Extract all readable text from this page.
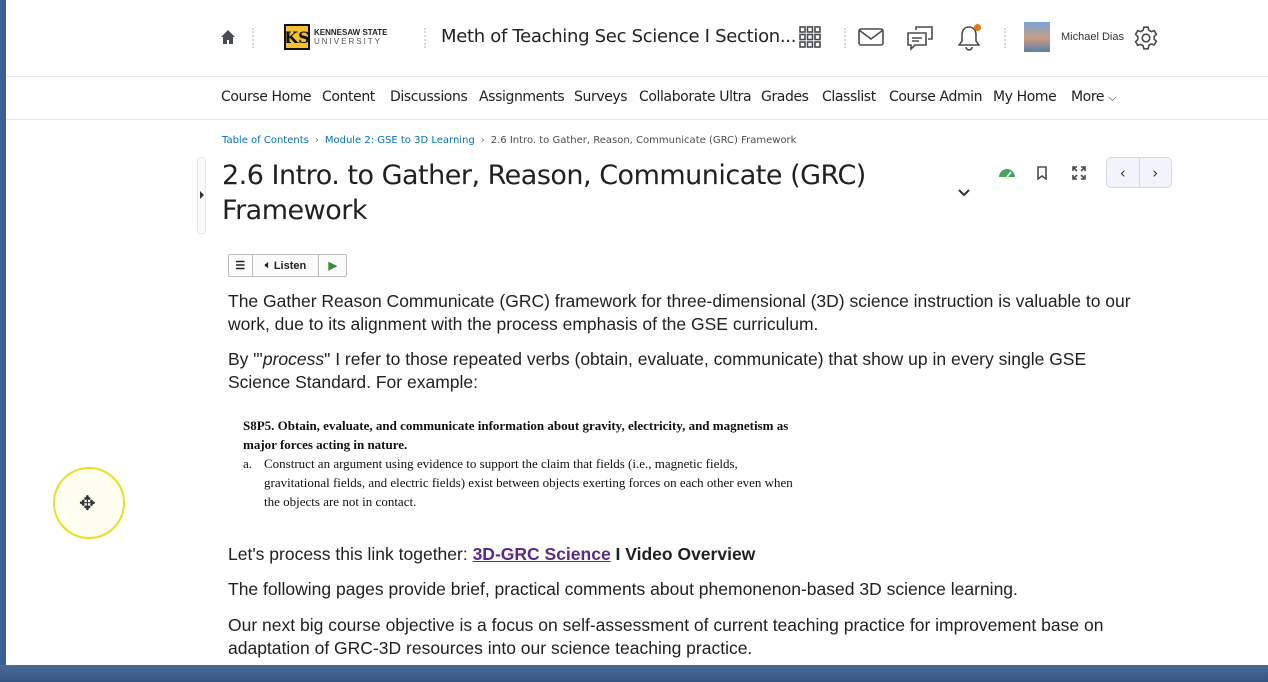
KS KENNESAW STATE
UNIVERSITY	Meth of Teaching Sec Science I Section...	Michael Dias
Course Home Content Discussions Assignments Surveys Collaborate Ultra Grades Classlist Course Admin My Home More ⌵
Table of Contents › Module 2: GSE to 3D Learning › 2.6 Intro. to Gather, Reason, Communicate (GRC) Framework
2.6 Intro. to Gather, Reason, Communicate (GRC) Framework
‹	›
☰	🔈︎ Listen	▶

The Gather Reason Communicate (GRC) framework for three-dimensional (3D) science instruction is valuable to our work, due to its alignment with the process emphasis of the GSE curriculum.

By "'process" I refer to those repeated verbs (obtain, evaluate, communicate) that show up in every single GSE Science Standard. For example:

S8P5. Obtain, evaluate, and communicate information about gravity, electricity, and magnetism as major forces acting in nature.
a. Construct an argument using evidence to support the claim that fields (i.e., magnetic fields, gravitational fields, and electric fields) exist between objects exerting forces on each other even when the objects are not in contact.

Let's process this link together: 3D-GRC Science I Video Overview

The following pages provide brief, practical comments about phemonenon-based 3D science learning.

Our next big course objective is a focus on self-assessment of current teaching practice for improvement base on adaptation of GRC-3D resources into our science teaching practice.

✥
